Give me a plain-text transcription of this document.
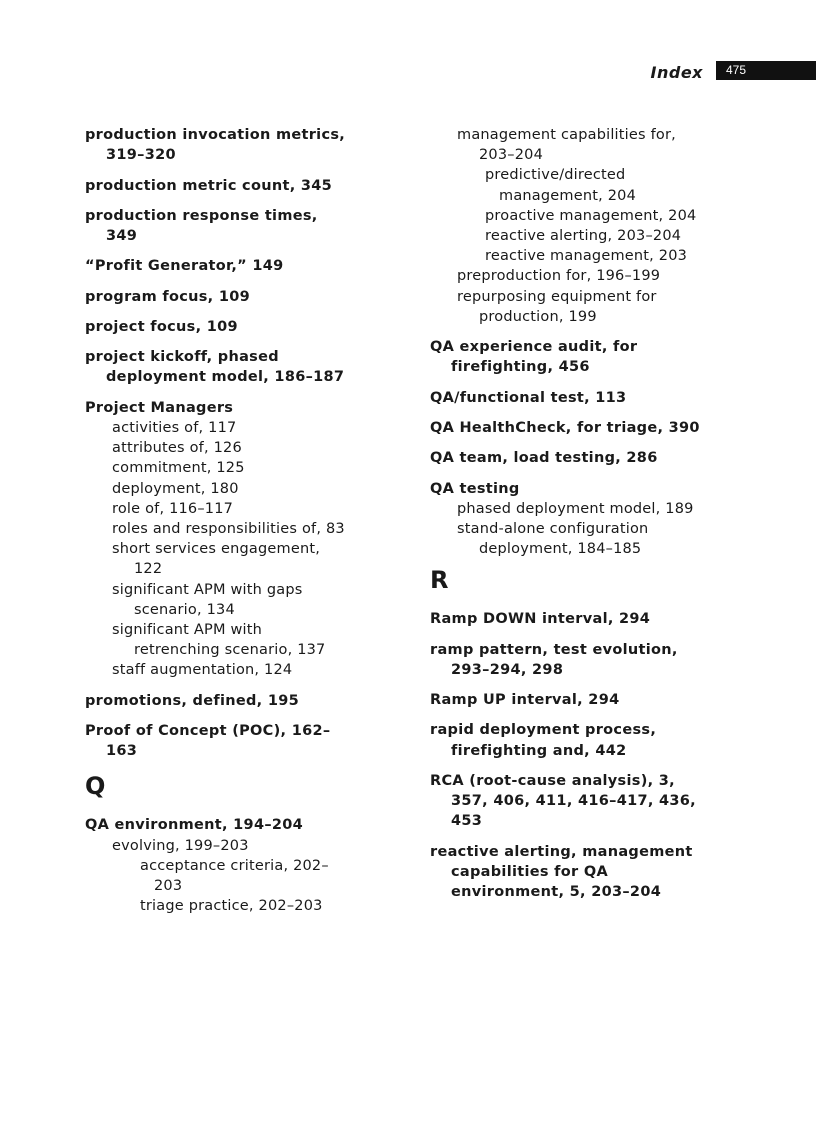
Index 475
production invocation metrics, 319–320
production metric count, 345
production response times, 349
“Profit Generator,” 149
program focus, 109
project focus, 109
project kickoff, phased deployment model, 186–187
Project Managers
activities of, 117
attributes of, 126
commitment, 125
deployment, 180
role of, 116–117
roles and responsibilities of, 83
short services engagement, 122
significant APM with gaps scenario, 134
significant APM with retrenching scenario, 137
staff augmentation, 124
promotions, defined, 195
Proof of Concept (POC), 162–163
Q
QA environment, 194–204
evolving, 199–203
acceptance criteria, 202–203
triage practice, 202–203
management capabilities for, 203–204
predictive/directed management, 204
proactive management, 204
reactive alerting, 203–204
reactive management, 203
preproduction for, 196–199
repurposing equipment for production, 199
QA experience audit, for firefighting, 456
QA/functional test, 113
QA HealthCheck, for triage, 390
QA team, load testing, 286
QA testing
phased deployment model, 189
stand-alone configuration deployment, 184–185
R
Ramp DOWN interval, 294
ramp pattern, test evolution, 293–294, 298
Ramp UP interval, 294
rapid deployment process, firefighting and, 442
RCA (root-cause analysis), 3, 357, 406, 411, 416–417, 436, 453
reactive alerting, management capabilities for QA environment, 5, 203–204
